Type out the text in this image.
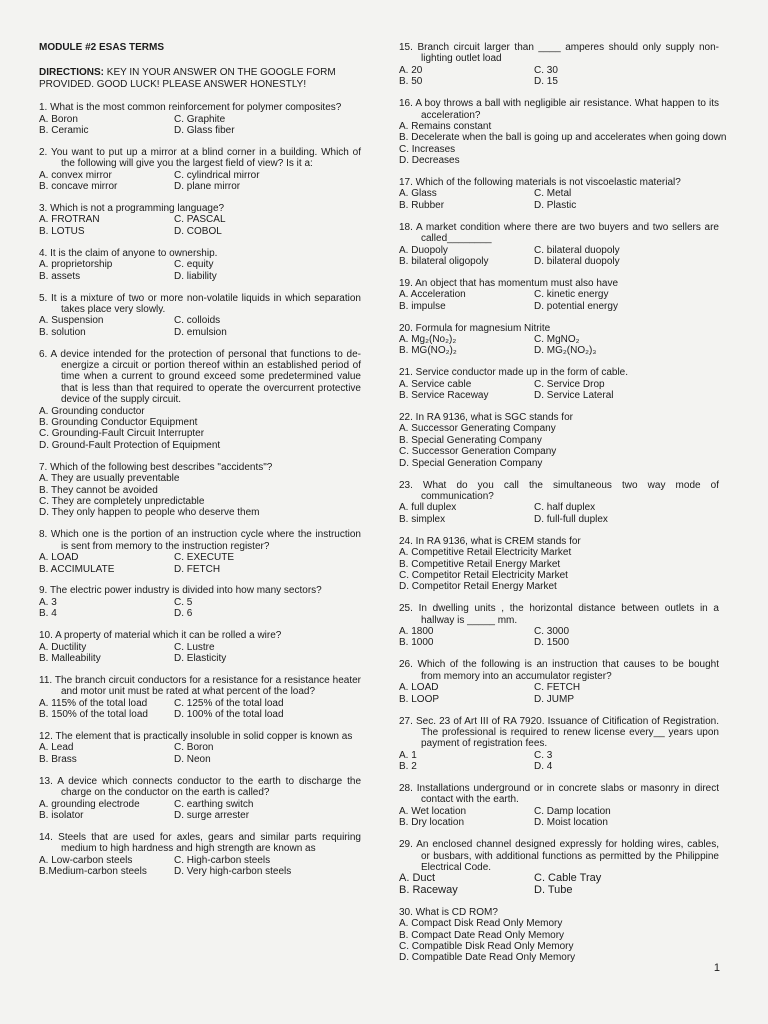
MODULE #2 ESAS TERMS
DIRECTIONS: KEY IN YOUR ANSWER ON THE GOOGLE FORM PROVIDED. GOOD LUCK! PLEASE ANSWER HONESTLY!
1. What is the most common reinforcement for polymer composites?
A. Boron	C. Graphite
B. Ceramic	D. Glass fiber
2. You want to put up a mirror at a blind corner in a building. Which of the following will give you the largest field of view? Is it a:
A. convex mirror	C. cylindrical mirror
B. concave mirror	D. plane mirror
3. Which is not a programming language?
A. FROTRAN	C. PASCAL
B. LOTUS	D. COBOL
4. It is the claim of anyone to ownership.
A. proprietorship	C. equity
B. assets	D. liability
5. It is a mixture of two or more non-volatile liquids in which separation takes place very slowly.
A. Suspension	C. colloids
B. solution	D. emulsion
6. A device intended for the protection of personal that functions to de-energize a circuit or portion thereof within an established period of time when a current to ground exceed some predetermined value that is less than that required to operate the overcurrent protective device of the supply circuit.
A. Grounding conductor
B. Grounding Conductor Equipment
C. Grounding-Fault Circuit Interrupter
D. Ground-Fault Protection of Equipment
7. Which of the following best describes "accidents"?
A. They are usually preventable
B. They cannot be avoided
C. They are completely unpredictable
D. They only happen to people who deserve them
8. Which one is the portion of an instruction cycle where the instruction is sent from memory to the instruction register?
A. LOAD	C. EXECUTE
B. ACCIMULATE	D. FETCH
9. The electric power industry is divided into how many sectors?
A. 3	C. 5
B. 4	D. 6
10. A property of material which it can be rolled a wire?
A. Ductility	C. Lustre
B. Malleability	D. Elasticity
11. The branch circuit conductors for a resistance for a resistance heater and motor unit must be rated at what percent of the load?
A. 115% of the total load	C. 125% of the total load
B. 150% of the total load	D. 100% of the total load
12. The element that is practically insoluble in solid copper is known as
A. Lead	C. Boron
B. Brass	D. Neon
13. A device which connects conductor to the earth to discharge the charge on the conductor on the earth is called?
A. grounding electrode	C. earthing switch
B. isolator	D. surge arrester
14. Steels that are used for axles, gears and similar parts requiring medium to high hardness and high strength are known as
A. Low-carbon steels	C. High-carbon steels
B.Medium-carbon steels	D. Very high-carbon steels
15. Branch circuit larger than ____ amperes should only supply non-lighting outlet load
A. 20	C. 30
B. 50	D. 15
16. A boy throws a ball with negligible air resistance. What happen to its acceleration?
A. Remains constant
B. Decelerate when the ball is going up and accelerates when going down
C. Increases
D. Decreases
17. Which of the following materials is not viscoelastic material?
A. Glass	C. Metal
B. Rubber	D. Plastic
18. A market condition where there are two buyers and two sellers are called________
A. Duopoly	C. bilateral duopoly
B. bilateral oligopoly	D. bilateral duopoly
19. An object that has momentum must also have
A. Acceleration	C. kinetic energy
B. impulse	D. potential energy
20. Formula for magnesium Nitrite
A. Mg₂(No₂)₂	C. MgNO₂
B. MG(NO₂)₂	D. MG₂(NO₂)₃
21. Service conductor made up in the form of cable.
A. Service cable	C. Service Drop
B. Service Raceway	D. Service Lateral
22. In RA 9136, what is SGC stands for
A. Successor Generating Company
B. Special Generating Company
C. Successor Generation Company
D. Special Generation Company
23. What do you call the simultaneous two way mode of communication?
A. full duplex	C. half duplex
B. simplex	D. full-full duplex
24. In RA 9136, what is CREM stands for
A. Competitive Retail Electricity Market
B. Competitive Retail Energy Market
C. Competitor Retail Electricity Market
D. Competitor Retail Energy Market
25. In dwelling units , the horizontal distance between outlets in a hallway is _____ mm.
A. 1800	C. 3000
B. 1000	D. 1500
26. Which of the following is an instruction that causes to be bought from memory into an accumulator register?
A. LOAD	C. FETCH
B. LOOP	D. JUMP
27. Sec. 23 of Art III of RA 7920. Issuance of Citification of Registration. The professional is required to renew license every__ years upon payment of registration fees.
A. 1	C. 3
B. 2	D. 4
28. Installations underground or in concrete slabs or masonry in direct contact with the earth.
A. Wet location	C. Damp location
B. Dry location	D. Moist location
29. An enclosed channel designed expressly for holding wires, cables, or busbars, with additional functions as permitted by the Philippine Electrical Code.
A. Duct	C. Cable Tray
B. Raceway	D. Tube
30. What is CD ROM?
A. Compact Disk Read Only Memory
B. Compact Date Read Only Memory
C. Compatible Disk Read Only Memory
D. Compatible Date Read Only Memory
1
